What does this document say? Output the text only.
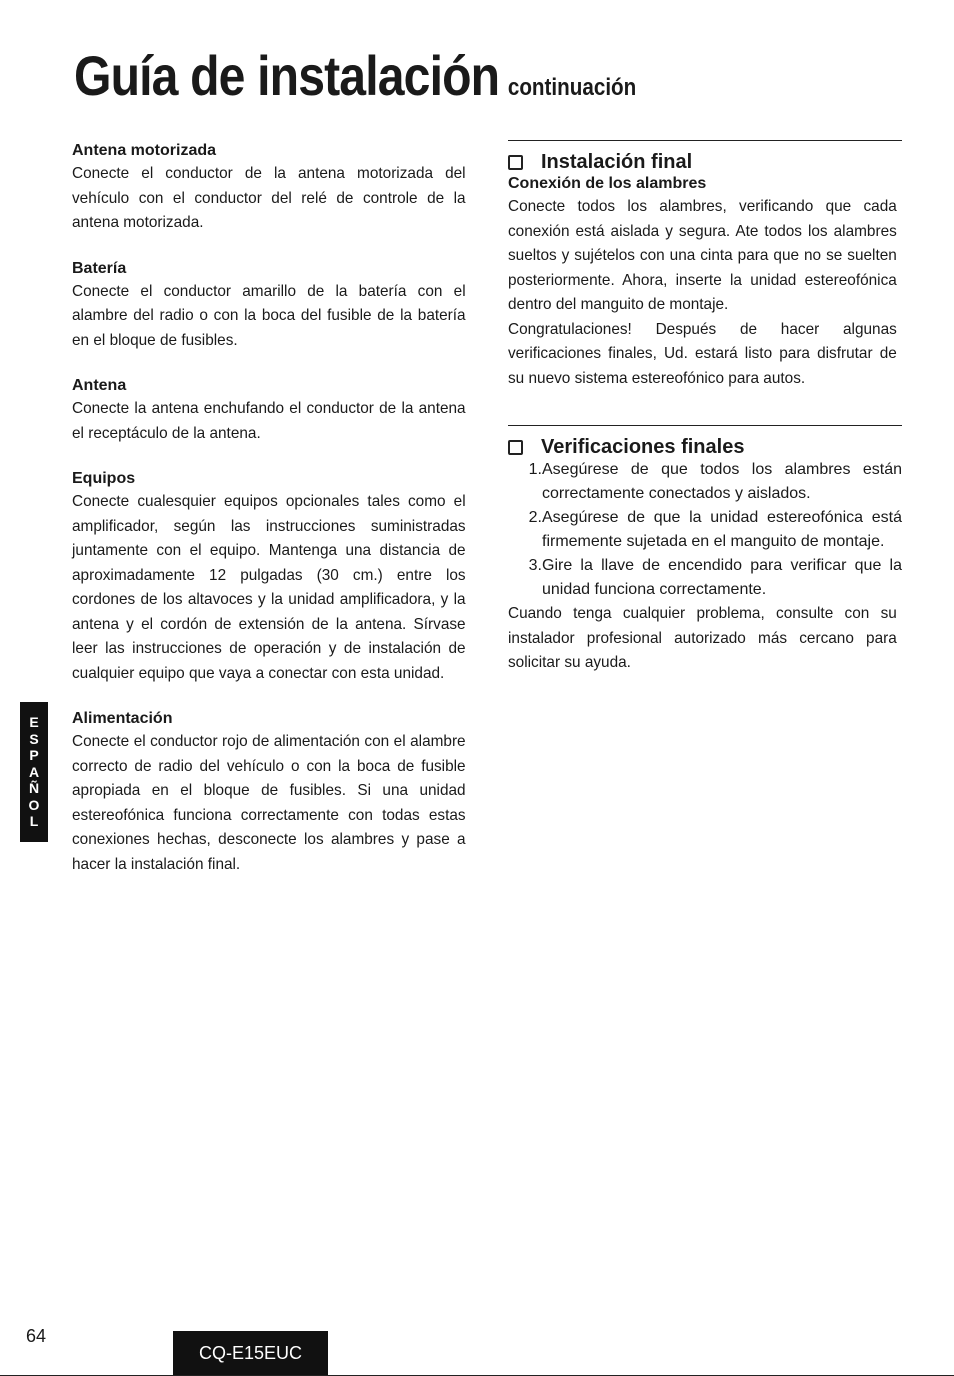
Guía de instalación continuación
Antena motorizada

Conecte el conductor de la antena motorizada del vehículo con el conductor del relé de controle de la antena motorizada.

Batería

Conecte el conductor amarillo de la batería con el alambre del radio o con la boca del fusible de la batería en el bloque de fusibles.

Antena

Conecte la antena enchufando el conductor de la antena el receptáculo de la antena.

Equipos

Conecte cualesquier equipos opcionales tales como el amplificador, según las instrucciones suministradas juntamente con el equipo. Mantenga una distancia de aproximadamente 12 pulgadas (30 cm.) entre los cordones de los altavoces y la unidad amplificadora, y la antena y el cordón de extensión de la antena. Sírvase leer las instrucciones de operación y de instalación de cualquier equipo que vaya a conectar con esta unidad.

Alimentación

Conecte el conductor rojo de alimentación con el alambre correcto de radio del vehículo o con la boca de fusible apropiada en el bloque de fusibles. Si una unidad estereofónica funciona correctamente con todas estas conexiones hechas, desconecte los alambres y pase a hacer la instalación final.

Instalación final
Conexión de los alambres

Conecte todos los alambres, verificando que cada conexión está aislada y segura. Ate todos los alambres sueltos y sujételos con una cinta para que no se suelten posteriormente. Ahora, inserte la unidad estereofónica dentro del manguito de montaje.

Congratulaciones! Después de hacer algunas verificaciones finales, Ud. estará listo para disfrutar de su nuevo sistema estereofónico para autos.

Verificaciones finales
1. Asegúrese de que todos los alambres están correctamente conectados y aislados.
2. Asegúrese de que la unidad estereofónica está firmemente sujetada en el manguito de montaje.
3. Gire la llave de encendido para verificar que la unidad funciona correctamente.

Cuando tenga cualquier problema, consulte con su instalador profesional autorizado más cercano para solicitar su ayuda.

E
S
P
A
Ñ
O
L
64
CQ-E15EUC
